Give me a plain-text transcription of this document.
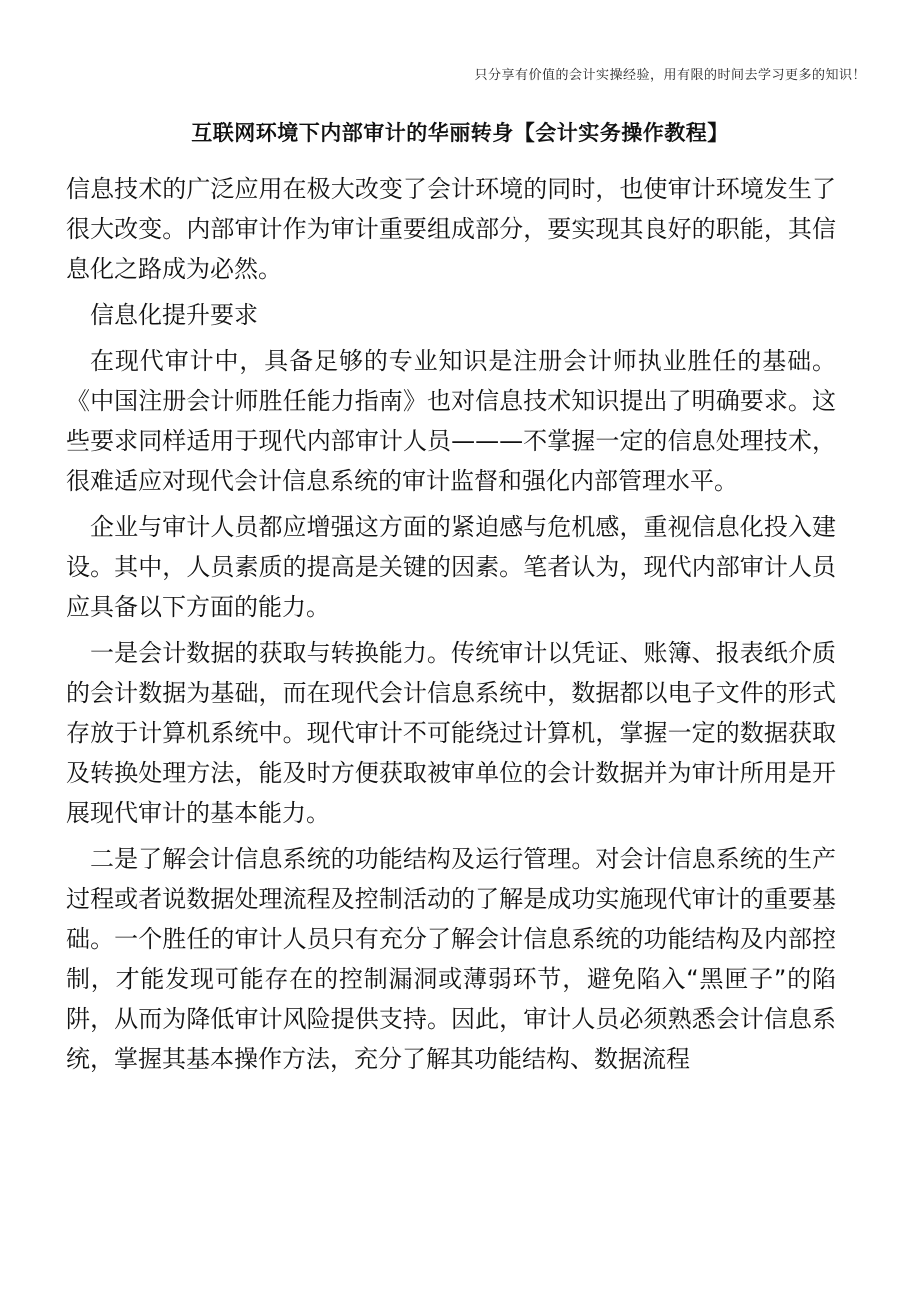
只分享有价值的会计实操经验，用有限的时间去学习更多的知识！
互联网环境下内部审计的华丽转身【会计实务操作教程】

信息技术的广泛应用在极大改变了会计环境的同时，也使审计环境发生了很大改变。内部审计作为审计重要组成部分，要实现其良好的职能，其信息化之路成为必然。

信息化提升要求

在现代审计中，具备足够的专业知识是注册会计师执业胜任的基础。《中国注册会计师胜任能力指南》也对信息技术知识提出了明确要求。这些要求同样适用于现代内部审计人员———不掌握一定的信息处理技术，很难适应对现代会计信息系统的审计监督和强化内部管理水平。

企业与审计人员都应增强这方面的紧迫感与危机感，重视信息化投入建设。其中，人员素质的提高是关键的因素。笔者认为，现代内部审计人员应具备以下方面的能力。

一是会计数据的获取与转换能力。传统审计以凭证、账簿、报表纸介质的会计数据为基础，而在现代会计信息系统中，数据都以电子文件的形式存放于计算机系统中。现代审计不可能绕过计算机，掌握一定的数据获取及转换处理方法，能及时方便获取被审单位的会计数据并为审计所用是开展现代审计的基本能力。

二是了解会计信息系统的功能结构及运行管理。对会计信息系统的生产过程或者说数据处理流程及控制活动的了解是成功实施现代审计的重要基础。一个胜任的审计人员只有充分了解会计信息系统的功能结构及内部控制，才能发现可能存在的控制漏洞或薄弱环节，避免陷入“黑匣子”的陷阱，从而为降低审计风险提供支持。因此，审计人员必须熟悉会计信息系统，掌握其基本操作方法，充分了解其功能结构、数据流程
